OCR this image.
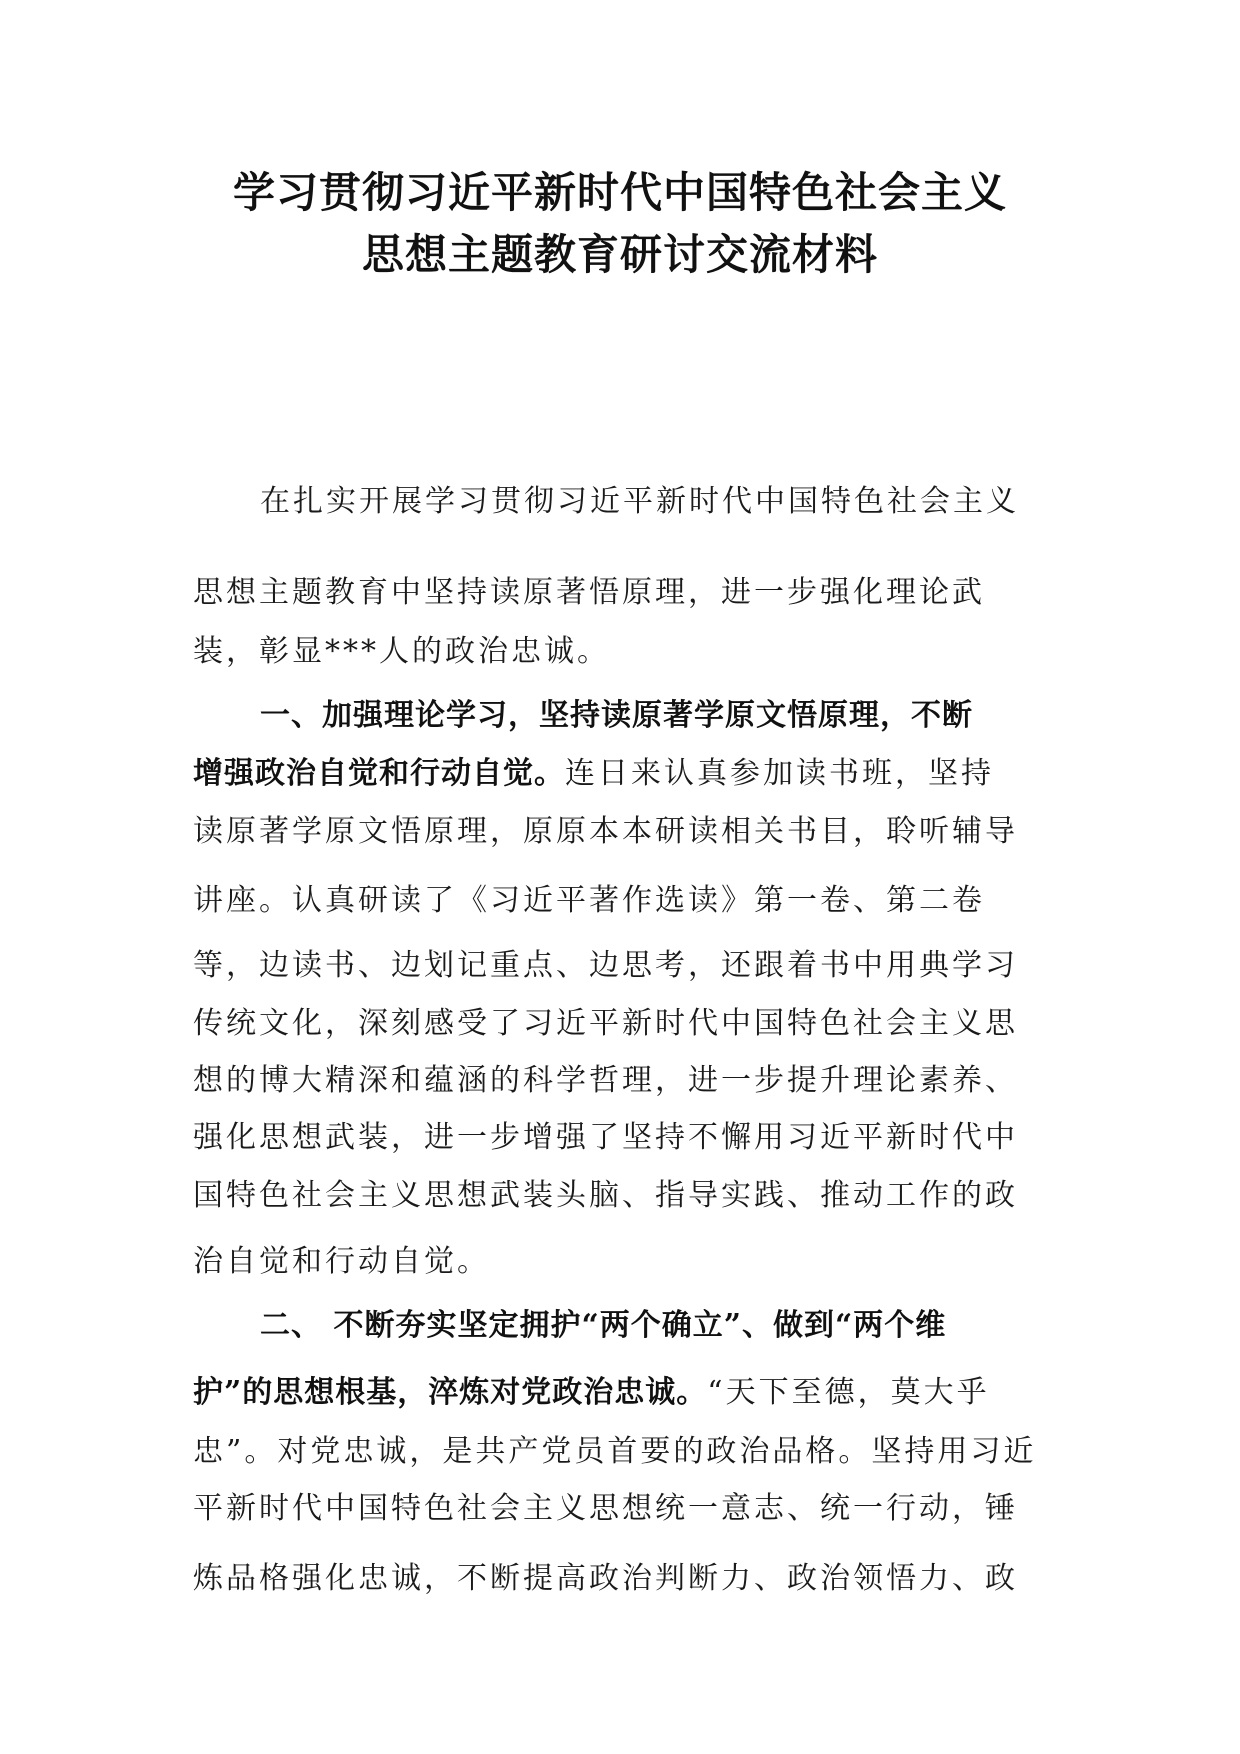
学习贯彻习近平新时代中国特色社会主义
思想主题教育研讨交流材料
在扎实开展学习贯彻习近平新时代中国特色社会主义
思想主题教育中坚持读原著悟原理，进一步强化理论武
装，彰显***人的政治忠诚。
一、加强理论学习，坚持读原著学原文悟原理，不断
增强政治自觉和行动自觉。连日来认真参加读书班，坚持
读原著学原文悟原理，原原本本研读相关书目，聆听辅导
讲座。认真研读了《习近平著作选读》第一卷、第二卷
等，边读书、边划记重点、边思考，还跟着书中用典学习
传统文化，深刻感受了习近平新时代中国特色社会主义思
想的博大精深和蕴涵的科学哲理，进一步提升理论素养、
强化思想武装，进一步增强了坚持不懈用习近平新时代中
国特色社会主义思想武装头脑、指导实践、推动工作的政
治自觉和行动自觉。
二、 不断夯实坚定拥护“两个确立”、做到“两个维
护”的思想根基，淬炼对党政治忠诚。“天下至德，莫大乎
忠”。对党忠诚，是共产党员首要的政治品格。坚持用习近
平新时代中国特色社会主义思想统一意志、统一行动，锤
炼品格强化忠诚，不断提高政治判断力、政治领悟力、政
